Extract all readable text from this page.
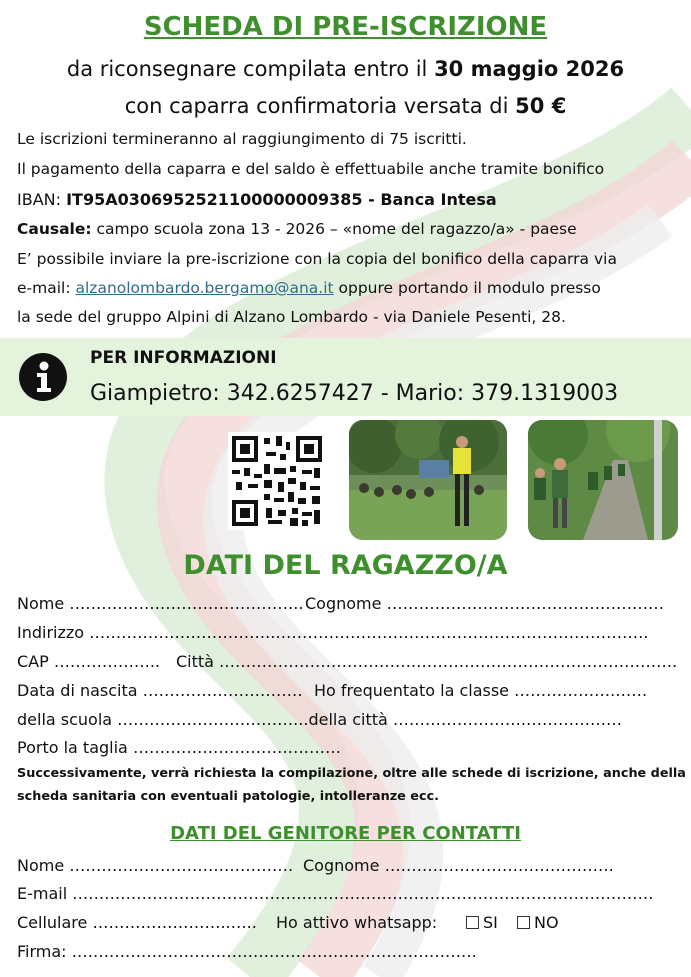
SCHEDA DI PRE-ISCRIZIONE
da riconsegnare compilata entro il 30 maggio 2026
con caparra confirmatoria versata di 50 €
Le iscrizioni termineranno al raggiungimento di 75 iscritti.
Il pagamento della caparra e del saldo è effettuabile anche tramite bonifico
IBAN: IT95A0306952521100000009385 - Banca Intesa
Causale: campo scuola zona 13 - 2026 – «nome del ragazzo/a» - paese
E’ possibile inviare la pre-iscrizione con la copia del bonifico della caparra via
e-mail: alzanolombardo.bergamo@ana.it oppure portando il modulo presso
la sede del gruppo Alpini di Alzano Lombardo - via Daniele Pesenti, 28.
PER INFORMAZIONI
Giampietro: 342.6257427 - Mario: 379.1319003
DATI DEL RAGAZZO/A
Nome …………………………………….. Cognome …………………………………………….
Indirizzo ……………………………..…………………………………………………………….
CAP ……………….. Città ……………………………….………………………………………….
Data di nascita ………………………… Ho frequentato la classe ……………….……
della scuola ……………………………...della città …………………….………………
Porto la taglia …………………………………
Successivamente, verrà richiesta la compilazione, oltre alle schede di iscrizione, anche della
scheda sanitaria con eventuali patologie, intolleranze ecc.
DATI DEL GENITORE PER CONTATTI
Nome …………………………………… Cognome …………………………………….
E-mail ……………………………………………………………………………………………….
Cellulare ……………………..….. Ho attivo whatsapp:	SI	NO
Firma: ………………………………………………………………….
